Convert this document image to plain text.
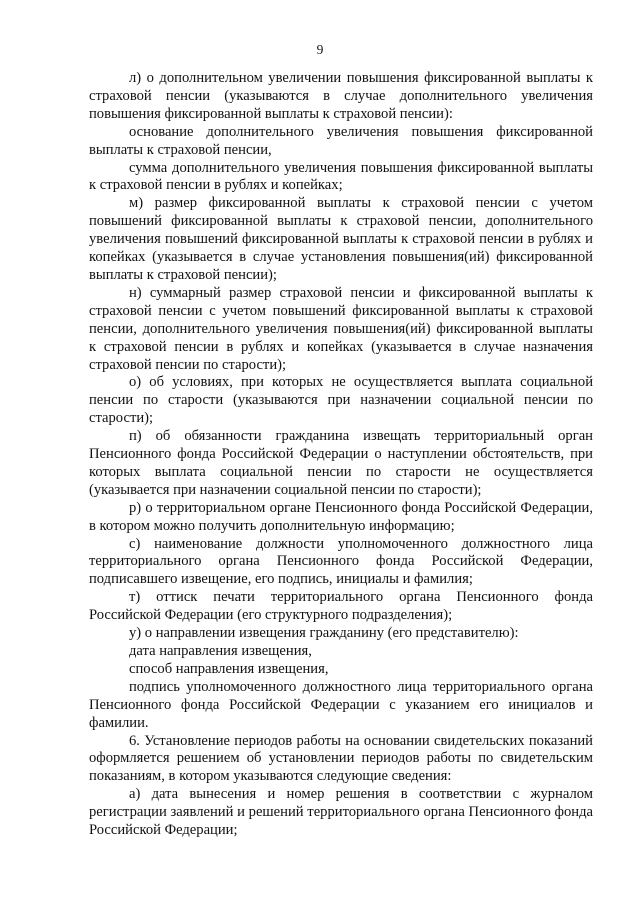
9

л) о дополнительном увеличении повышения фиксированной выплаты к страховой пенсии (указываются в случае дополнительного увеличения повышения фиксированной выплаты к страховой пенсии):

основание дополнительного увеличения повышения фиксированной выплаты к страховой пенсии,

сумма дополнительного увеличения повышения фиксированной выплаты к страховой пенсии в рублях и копейках;

м) размер фиксированной выплаты к страховой пенсии с учетом повышений фиксированной выплаты к страховой пенсии, дополнительного увеличения повышений фиксированной выплаты к страховой пенсии в рублях и копейках (указывается в случае установления повышения(ий) фиксированной выплаты к страховой пенсии);

н) суммарный размер страховой пенсии и фиксированной выплаты к страховой пенсии с учетом повышений фиксированной выплаты к страховой пенсии, дополнительного увеличения повышения(ий) фиксированной выплаты к страховой пенсии в рублях и копейках (указывается в случае назначения страховой пенсии по старости);

о) об условиях, при которых не осуществляется выплата социальной пенсии по старости (указываются при назначении социальной пенсии по старости);

п) об обязанности гражданина извещать территориальный орган Пенсионного фонда Российской Федерации о наступлении обстоятельств, при которых выплата социальной пенсии по старости не осуществляется (указывается при назначении социальной пенсии по старости);

р) о территориальном органе Пенсионного фонда Российской Федерации, в котором можно получить дополнительную информацию;

с) наименование должности уполномоченного должностного лица территориального органа Пенсионного фонда Российской Федерации, подписавшего извещение, его подпись, инициалы и фамилия;

т) оттиск печати территориального органа Пенсионного фонда Российской Федерации (его структурного подразделения);

у) о направлении извещения гражданину (его представителю):

дата направления извещения,

способ направления извещения,

подпись уполномоченного должностного лица территориального органа Пенсионного фонда Российской Федерации с указанием его инициалов и фамилии.

6. Установление периодов работы на основании свидетельских показаний оформляется решением об установлении периодов работы по свидетельским показаниям, в котором указываются следующие сведения:

а) дата вынесения и номер решения в соответствии с журналом регистрации заявлений и решений территориального органа Пенсионного фонда Российской Федерации;
